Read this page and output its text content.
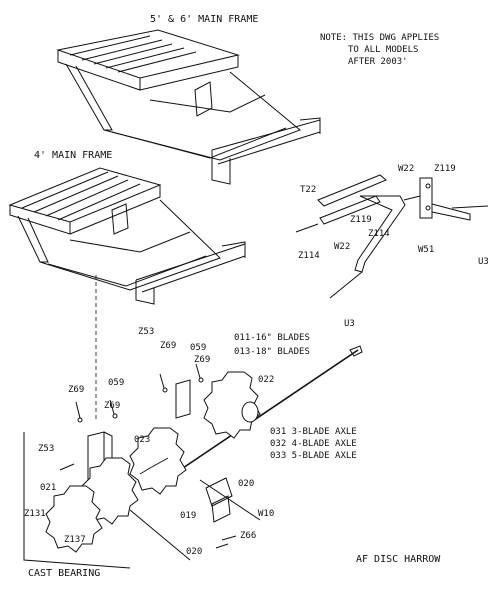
5' & 6' MAIN FRAME
4' MAIN FRAME
NOTE: THIS DWG APPLIES
TO ALL MODELS
AFTER 2003'
W22 Z119
T22
Z119
Z114
W22
Z114
W51
U3
U3
Z53
Z69 059
Z69
011-16" BLADES
013-18" BLADES
Z69
059
Z69
022
Z53
023
031 3-BLADE AXLE
032 4-BLADE AXLE
033 5-BLADE AXLE
021	020
Z131	019	W10
Z137	Z66
020
CAST BEARING
AF DISC HARROW
